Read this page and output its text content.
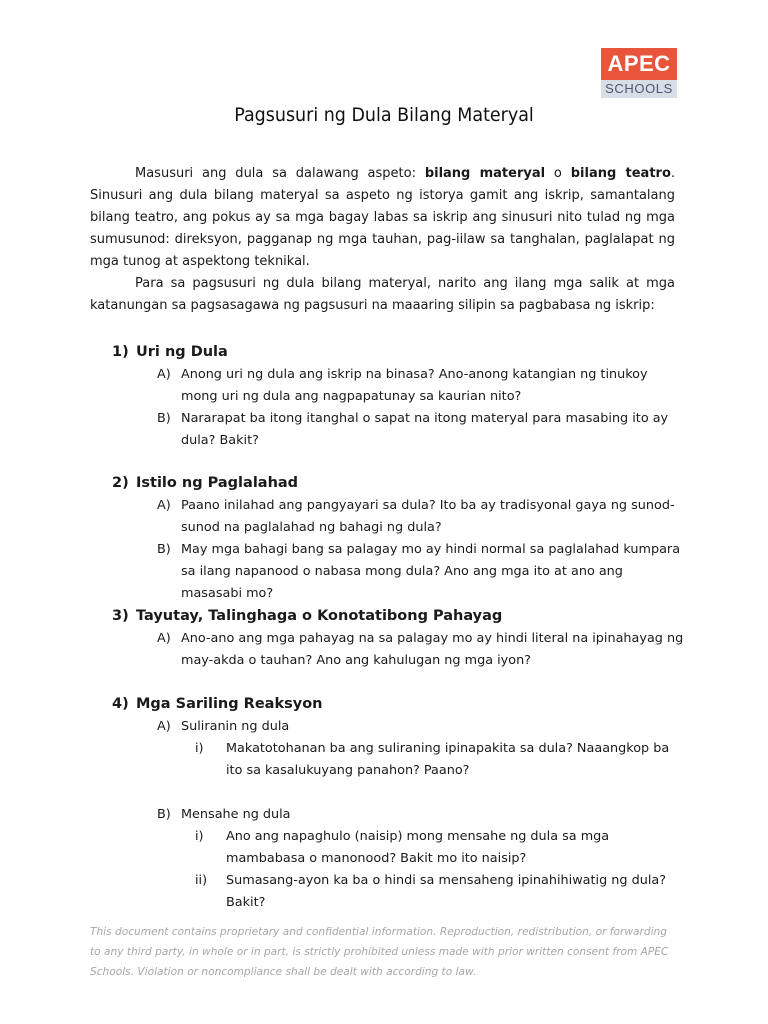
APEC
SCHOOLS
Pagsusuri ng Dula Bilang Materyal
Masusuri ang dula sa dalawang aspeto: bilang materyal o bilang teatro. Sinusuri ang dula bilang materyal sa aspeto ng istorya gamit ang iskrip, samantalang bilang teatro, ang pokus ay sa mga bagay labas sa iskrip ang sinusuri nito tulad ng mga sumusunod: direksyon, pagganap ng mga tauhan, pag-iilaw sa tanghalan, paglalapat ng mga tunog at aspektong teknikal.
Para sa pagsusuri ng dula bilang materyal, narito ang ilang mga salik at mga katanungan sa pagsasagawa ng pagsusuri na maaaring silipin sa pagbabasa ng iskrip:
1) Uri ng Dula
A) Anong uri ng dula ang iskrip na binasa? Ano-anong katangian ng tinukoy mong uri ng dula ang nagpapatunay sa kaurian nito?
B) Nararapat ba itong itanghal o sapat na itong materyal para masabing ito ay dula? Bakit?
2) Istilo ng Paglalahad
A) Paano inilahad ang pangyayari sa dula? Ito ba ay tradisyonal gaya ng sunod-sunod na paglalahad ng bahagi ng dula?
B) May mga bahagi bang sa palagay mo ay hindi normal sa paglalahad kumpara sa ilang napanood o nabasa mong dula? Ano ang mga ito at ano ang masasabi mo?
3) Tayutay, Talinghaga o Konotatibong Pahayag
A) Ano-ano ang mga pahayag na sa palagay mo ay hindi literal na ipinahayag ng may-akda o tauhan? Ano ang kahulugan ng mga iyon?
4) Mga Sariling Reaksyon
A) Suliranin ng dula
i) Makatotohanan ba ang suliraning ipinapakita sa dula? Naaangkop ba ito sa kasalukuyang panahon? Paano?
B) Mensahe ng dula
i) Ano ang napaghulo (naisip) mong mensahe ng dula sa mga mambabasa o manonood? Bakit mo ito naisip?
ii) Sumasang-ayon ka ba o hindi sa mensaheng ipinahihiwatig ng dula? Bakit?
This document contains proprietary and confidential information. Reproduction, redistribution, or forwarding to any third party, in whole or in part, is strictly prohibited unless made with prior written consent from APEC Schools. Violation or noncompliance shall be dealt with according to law.
